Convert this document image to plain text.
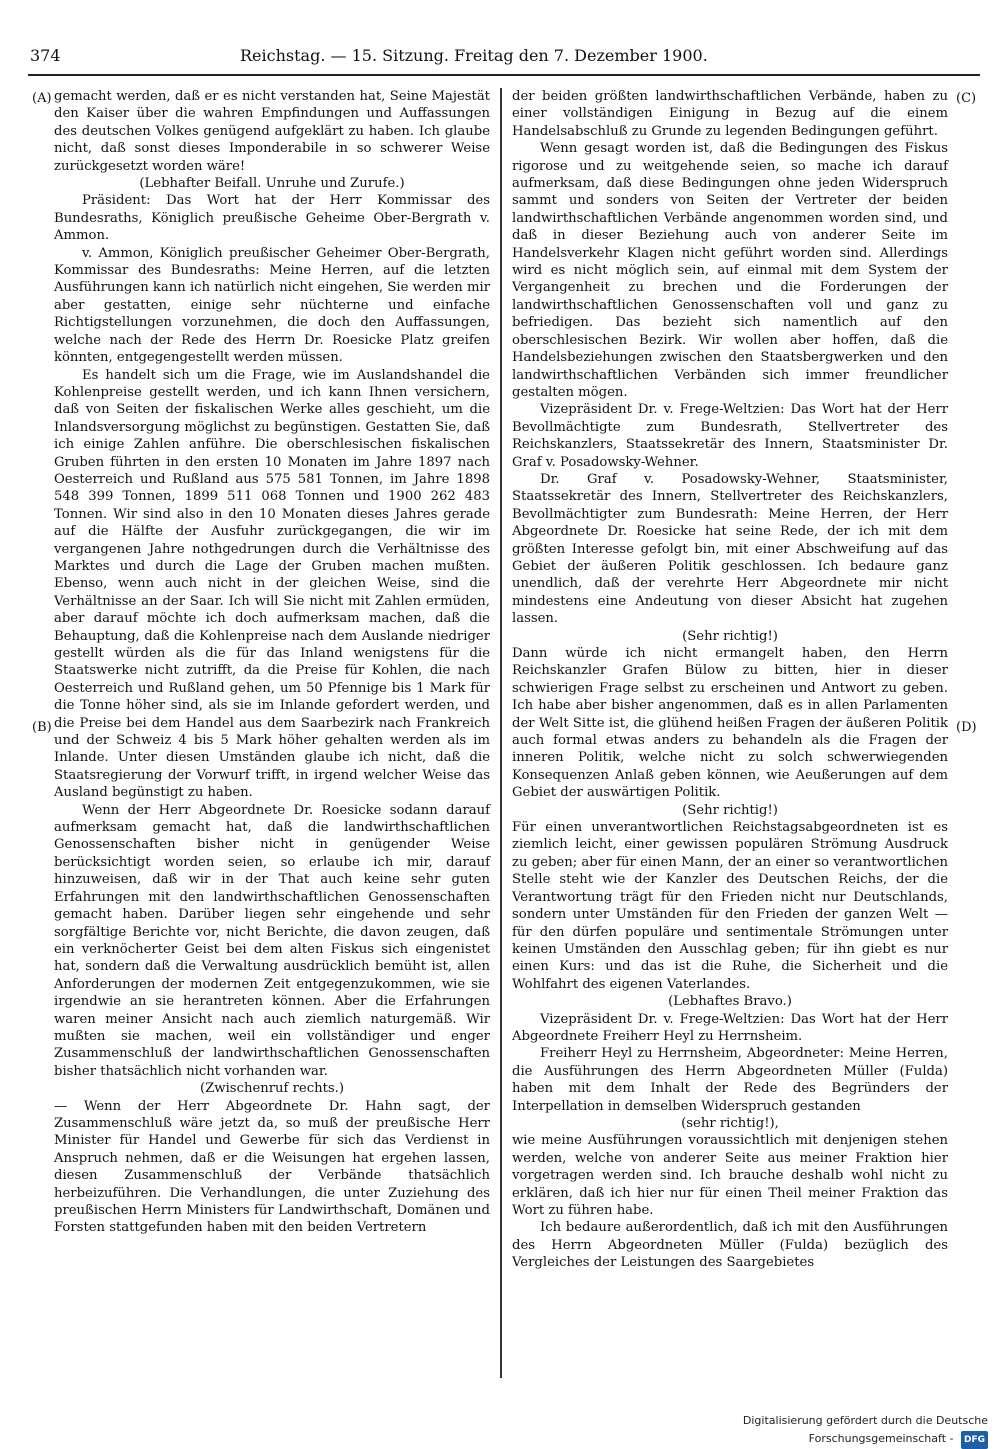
374	Reichstag. — 15. Sitzung. Freitag den 7. Dezember 1900.
(A)
(B)
(C)
(D)

gemacht werden, daß er es nicht verstanden hat, Seine Majestät den Kaiser über die wahren Empfindungen und Auffassungen des deutschen Volkes genügend aufgeklärt zu haben. Ich glaube nicht, daß sonst dieses Imponderabile in so schwerer Weise zurückgesetzt worden wäre!

(Lebhafter Beifall. Unruhe und Zurufe.)

Präsident: Das Wort hat der Herr Kommissar des Bundesraths, Königlich preußische Geheime Ober-Bergrath v. Ammon.

v. Ammon, Königlich preußischer Geheimer Ober-Bergrath, Kommissar des Bundesraths: Meine Herren, auf die letzten Ausführungen kann ich natürlich nicht eingehen, Sie werden mir aber gestatten, einige sehr nüchterne und einfache Richtigstellungen vorzunehmen, die doch den Auffassungen, welche nach der Rede des Herrn Dr. Roesicke Platz greifen könnten, entgegengestellt werden müssen.

Es handelt sich um die Frage, wie im Auslandshandel die Kohlenpreise gestellt werden, und ich kann Ihnen versichern, daß von Seiten der fiskalischen Werke alles geschieht, um die Inlandsversorgung möglichst zu begünstigen. Gestatten Sie, daß ich einige Zahlen anführe. Die oberschlesischen fiskalischen Gruben führten in den ersten 10 Monaten im Jahre 1897 nach Oesterreich und Rußland aus 575 581 Tonnen, im Jahre 1898 548 399 Tonnen, 1899 511 068 Tonnen und 1900 262 483 Tonnen. Wir sind also in den 10 Monaten dieses Jahres gerade auf die Hälfte der Ausfuhr zurückgegangen, die wir im vergangenen Jahre nothgedrungen durch die Verhältnisse des Marktes und durch die Lage der Gruben machen mußten. Ebenso, wenn auch nicht in der gleichen Weise, sind die Verhältnisse an der Saar. Ich will Sie nicht mit Zahlen ermüden, aber darauf möchte ich doch aufmerksam machen, daß die Behauptung, daß die Kohlenpreise nach dem Auslande niedriger gestellt würden als die für das Inland wenigstens für die Staatswerke nicht zutrifft, da die Preise für Kohlen, die nach Oesterreich und Rußland gehen, um 50 Pfennige bis 1 Mark für die Tonne höher sind, als sie im Inlande gefordert werden, und die Preise bei dem Handel aus dem Saarbezirk nach Frankreich und der Schweiz 4 bis 5 Mark höher gehalten werden als im Inlande. Unter diesen Umständen glaube ich nicht, daß die Staatsregierung der Vorwurf trifft, in irgend welcher Weise das Ausland begünstigt zu haben.

Wenn der Herr Abgeordnete Dr. Roesicke sodann darauf aufmerksam gemacht hat, daß die landwirthschaftlichen Genossenschaften bisher nicht in genügender Weise berücksichtigt worden seien, so erlaube ich mir, darauf hinzuweisen, daß wir in der That auch keine sehr guten Erfahrungen mit den landwirthschaftlichen Genossenschaften gemacht haben. Darüber liegen sehr eingehende und sehr sorgfältige Berichte vor, nicht Berichte, die davon zeugen, daß ein verknöcherter Geist bei dem alten Fiskus sich eingenistet hat, sondern daß die Verwaltung ausdrücklich bemüht ist, allen Anforderungen der modernen Zeit entgegenzukommen, wie sie irgendwie an sie herantreten können. Aber die Erfahrungen waren meiner Ansicht nach auch ziemlich naturgemäß. Wir mußten sie machen, weil ein vollständiger und enger Zusammenschluß der landwirthschaftlichen Genossenschaften bisher thatsächlich nicht vorhanden war.

(Zwischenruf rechts.)

— Wenn der Herr Abgeordnete Dr. Hahn sagt, der Zusammenschluß wäre jetzt da, so muß der preußische Herr Minister für Handel und Gewerbe für sich das Verdienst in Anspruch nehmen, daß er die Weisungen hat ergehen lassen, diesen Zusammenschluß der Verbände thatsächlich herbeizuführen. Die Verhandlungen, die unter Zuziehung des preußischen Herrn Ministers für Landwirthschaft, Domänen und Forsten stattgefunden haben mit den beiden Vertretern

der beiden größten landwirthschaftlichen Verbände, haben zu einer vollständigen Einigung in Bezug auf die einem Handelsabschluß zu Grunde zu legenden Bedingungen geführt.

Wenn gesagt worden ist, daß die Bedingungen des Fiskus rigorose und zu weitgehende seien, so mache ich darauf aufmerksam, daß diese Bedingungen ohne jeden Widerspruch sammt und sonders von Seiten der Vertreter der beiden landwirthschaftlichen Verbände angenommen worden sind, und daß in dieser Beziehung auch von anderer Seite im Handelsverkehr Klagen nicht geführt worden sind. Allerdings wird es nicht möglich sein, auf einmal mit dem System der Vergangenheit zu brechen und die Forderungen der landwirthschaftlichen Genossenschaften voll und ganz zu befriedigen. Das bezieht sich namentlich auf den oberschlesischen Bezirk. Wir wollen aber hoffen, daß die Handelsbeziehungen zwischen den Staatsbergwerken und den landwirthschaftlichen Verbänden sich immer freundlicher gestalten mögen.

Vizepräsident Dr. v. Frege-Weltzien: Das Wort hat der Herr Bevollmächtigte zum Bundesrath, Stellvertreter des Reichskanzlers, Staatssekretär des Innern, Staatsminister Dr. Graf v. Posadowsky-Wehner.

Dr. Graf v. Posadowsky-Wehner, Staatsminister, Staatssekretär des Innern, Stellvertreter des Reichskanzlers, Bevollmächtigter zum Bundesrath: Meine Herren, der Herr Abgeordnete Dr. Roesicke hat seine Rede, der ich mit dem größten Interesse gefolgt bin, mit einer Abschweifung auf das Gebiet der äußeren Politik geschlossen. Ich bedaure ganz unendlich, daß der verehrte Herr Abgeordnete mir nicht mindestens eine Andeutung von dieser Absicht hat zugehen lassen.

(Sehr richtig!)

Dann würde ich nicht ermangelt haben, den Herrn Reichskanzler Grafen Bülow zu bitten, hier in dieser schwierigen Frage selbst zu erscheinen und Antwort zu geben. Ich habe aber bisher angenommen, daß es in allen Parlamenten der Welt Sitte ist, die glühend heißen Fragen der äußeren Politik auch formal etwas anders zu behandeln als die Fragen der inneren Politik, welche nicht zu solch schwerwiegenden Konsequenzen Anlaß geben können, wie Aeußerungen auf dem Gebiet der auswärtigen Politik.

(Sehr richtig!)

Für einen unverantwortlichen Reichstagsabgeordneten ist es ziemlich leicht, einer gewissen populären Strömung Ausdruck zu geben; aber für einen Mann, der an einer so verantwortlichen Stelle steht wie der Kanzler des Deutschen Reichs, der die Verantwortung trägt für den Frieden nicht nur Deutschlands, sondern unter Umständen für den Frieden der ganzen Welt — für den dürfen populäre und sentimentale Strömungen unter keinen Umständen den Ausschlag geben; für ihn giebt es nur einen Kurs: und das ist die Ruhe, die Sicherheit und die Wohlfahrt des eigenen Vaterlandes.

(Lebhaftes Bravo.)

Vizepräsident Dr. v. Frege-Weltzien: Das Wort hat der Herr Abgeordnete Freiherr Heyl zu Herrnsheim.

Freiherr Heyl zu Herrnsheim, Abgeordneter: Meine Herren, die Ausführungen des Herrn Abgeordneten Müller (Fulda) haben mit dem Inhalt der Rede des Begründers der Interpellation in demselben Widerspruch gestanden

(sehr richtig!),

wie meine Ausführungen voraussichtlich mit denjenigen stehen werden, welche von anderer Seite aus meiner Fraktion hier vorgetragen werden sind. Ich brauche deshalb wohl nicht zu erklären, daß ich hier nur für einen Theil meiner Fraktion das Wort zu führen habe.

Ich bedaure außerordentlich, daß ich mit den Ausführungen des Herrn Abgeordneten Müller (Fulda) bezüglich des Vergleiches der Leistungen des Saargebietes

Digitalisierung gefördert durch die Deutsche Forschungsgemeinschaft - DFG
